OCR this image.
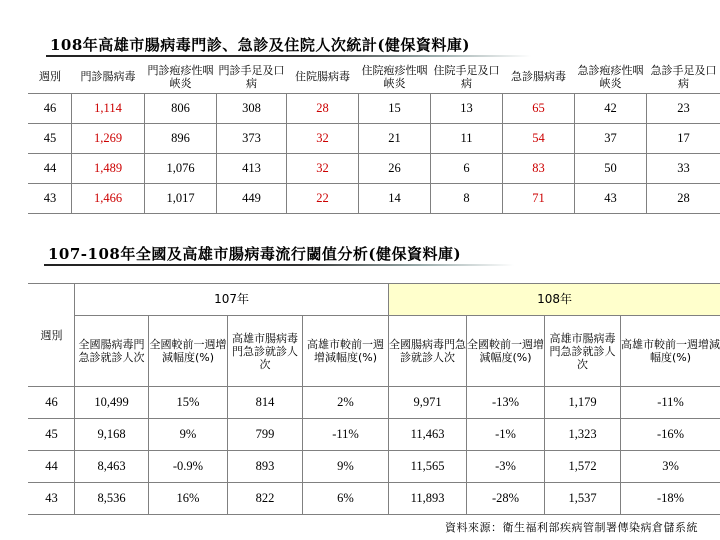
108年高雄市腸病毒門診、急診及住院人次統計(健保資料庫)
週別	門診腸病毒	門診疱疹性咽峽炎	門診手足及口病	住院腸病毒	住院疱疹性咽峽炎	住院手足及口病	急診腸病毒	急診疱疹性咽峽炎	急診手足及口病
46	1,114	806	308	28	15	13	65	42	23
45	1,269	896	373	32	21	11	54	37	17
44	1,489	1,076	413	32	26	6	83	50	33
43	1,466	1,017	449	22	14	8	71	43	28
107-108年全國及高雄市腸病毒流行閾值分析(健保資料庫)
週別	107年				108年			
	全國腸病毒門急診就診人次	全國較前一週增減幅度(%)	高雄市腸病毒門急診就診人次	高雄市較前一週增減幅度(%)	全國腸病毒門急診就診人次	全國較前一週增減幅度(%)	高雄市腸病毒門急診就診人次	高雄市較前一週增減幅度(%)
46	10,499	15%	814	2%	9,971	-13%	1,179	-11%
45	9,168	9%	799	-11%	11,463	-1%	1,323	-16%
44	8,463	-0.9%	893	9%	11,565	-3%	1,572	3%
43	8,536	16%	822	6%	11,893	-28%	1,537	-18%
資料來源：衛生福利部疾病管制署傳染病倉儲系統
